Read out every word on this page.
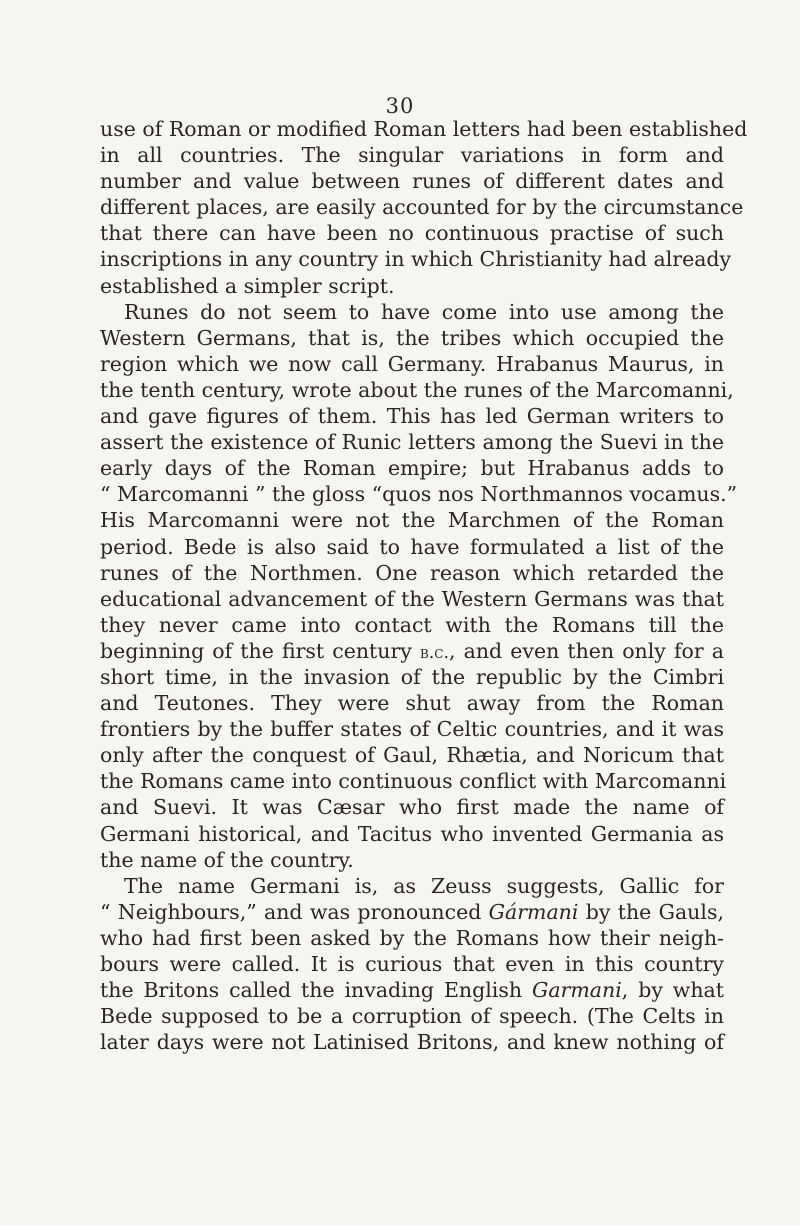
30
use of Roman or modified Roman letters had been established
in all countries. The singular variations in form and
number and value between runes of different dates and
different places, are easily accounted for by the circumstance
that there can have been no continuous practise of such
inscriptions in any country in which Christianity had already
established a simpler script.
Runes do not seem to have come into use among the
Western Germans, that is, the tribes which occupied the
region which we now call Germany. Hrabanus Maurus, in
the tenth century, wrote about the runes of the Marcomanni,
and gave figures of them. This has led German writers to
assert the existence of Runic letters among the Suevi in the
early days of the Roman empire; but Hrabanus adds to
“ Marcomanni ” the gloss “quos nos Northmannos vocamus.”
His Marcomanni were not the Marchmen of the Roman
period. Bede is also said to have formulated a list of the
runes of the Northmen. One reason which retarded the
educational advancement of the Western Germans was that
they never came into contact with the Romans till the
beginning of the first century b.c., and even then only for a
short time, in the invasion of the republic by the Cimbri
and Teutones. They were shut away from the Roman
frontiers by the buffer states of Celtic countries, and it was
only after the conquest of Gaul, Rhætia, and Noricum that
the Romans came into continuous conflict with Marcomanni
and Suevi. It was Cæsar who first made the name of
Germani historical, and Tacitus who invented Germania as
the name of the country.
The name Germani is, as Zeuss suggests, Gallic for
“ Neighbours,” and was pronounced Gármani by the Gauls,
who had first been asked by the Romans how their neigh-
bours were called. It is curious that even in this country
the Britons called the invading English Garmani, by what
Bede supposed to be a corruption of speech. (The Celts in
later days were not Latinised Britons, and knew nothing of
